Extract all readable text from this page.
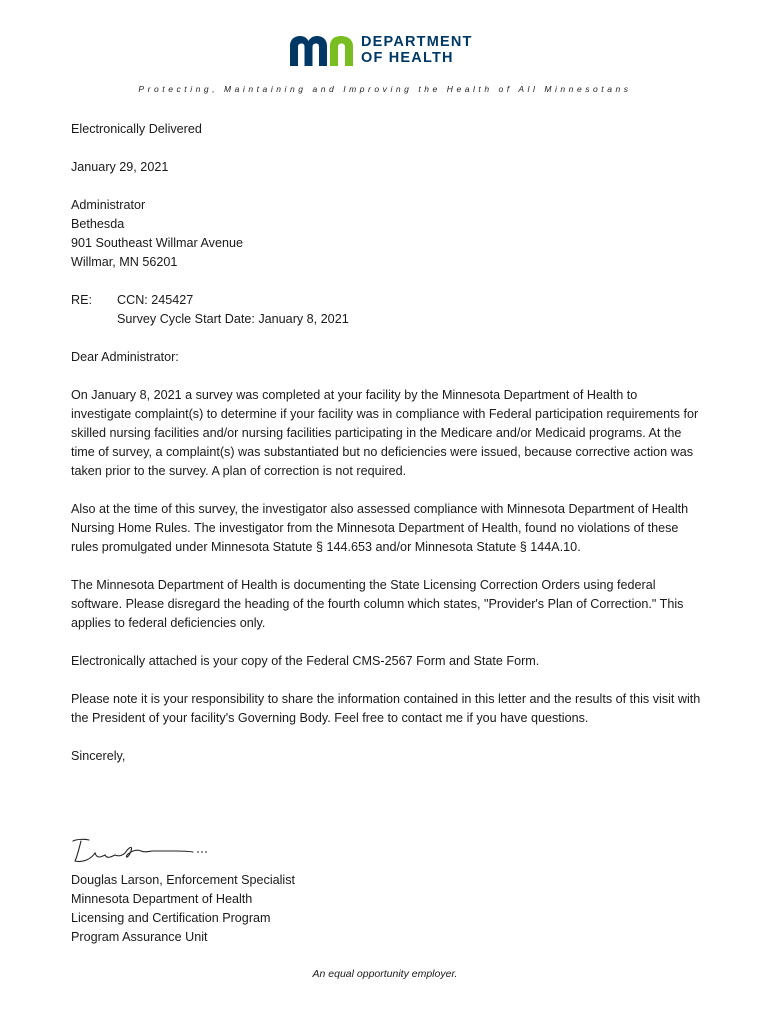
DEPARTMENT
OF HEALTH
Protecting, Maintaining and Improving the Health of All Minnesotans

Electronically Delivered

January 29, 2021

Administrator

Bethesda

901 Southeast Willmar Avenue

Willmar, MN 56201

RE:	CCN: 245427
Survey Cycle Start Date: January 8, 2021

Dear Administrator:

On January 8, 2021 a survey was completed at your facility by the Minnesota Department of Health to investigate complaint(s) to determine if your facility was in compliance with Federal participation requirements for skilled nursing facilities and/or nursing facilities participating in the Medicare and/or Medicaid programs. At the time of survey, a complaint(s) was substantiated but no deficiencies were issued, because corrective action was taken prior to the survey. A plan of correction is not required.

Also at the time of this survey, the investigator also assessed compliance with Minnesota Department of Health Nursing Home Rules. The investigator from the Minnesota Department of Health, found no violations of these rules promulgated under Minnesota Statute § 144.653 and/or Minnesota Statute § 144A.10.

The Minnesota Department of Health is documenting the State Licensing Correction Orders using federal software. Please disregard the heading of the fourth column which states, "Provider's Plan of Correction." This applies to federal deficiencies only.

Electronically attached is your copy of the Federal CMS-2567 Form and State Form.

Please note it is your responsibility to share the information contained in this letter and the results of this visit with the President of your facility's Governing Body. Feel free to contact me if you have questions.

Sincerely,

Douglas Larson, Enforcement Specialist

Minnesota Department of Health

Licensing and Certification Program

Program Assurance Unit

An equal opportunity employer.
